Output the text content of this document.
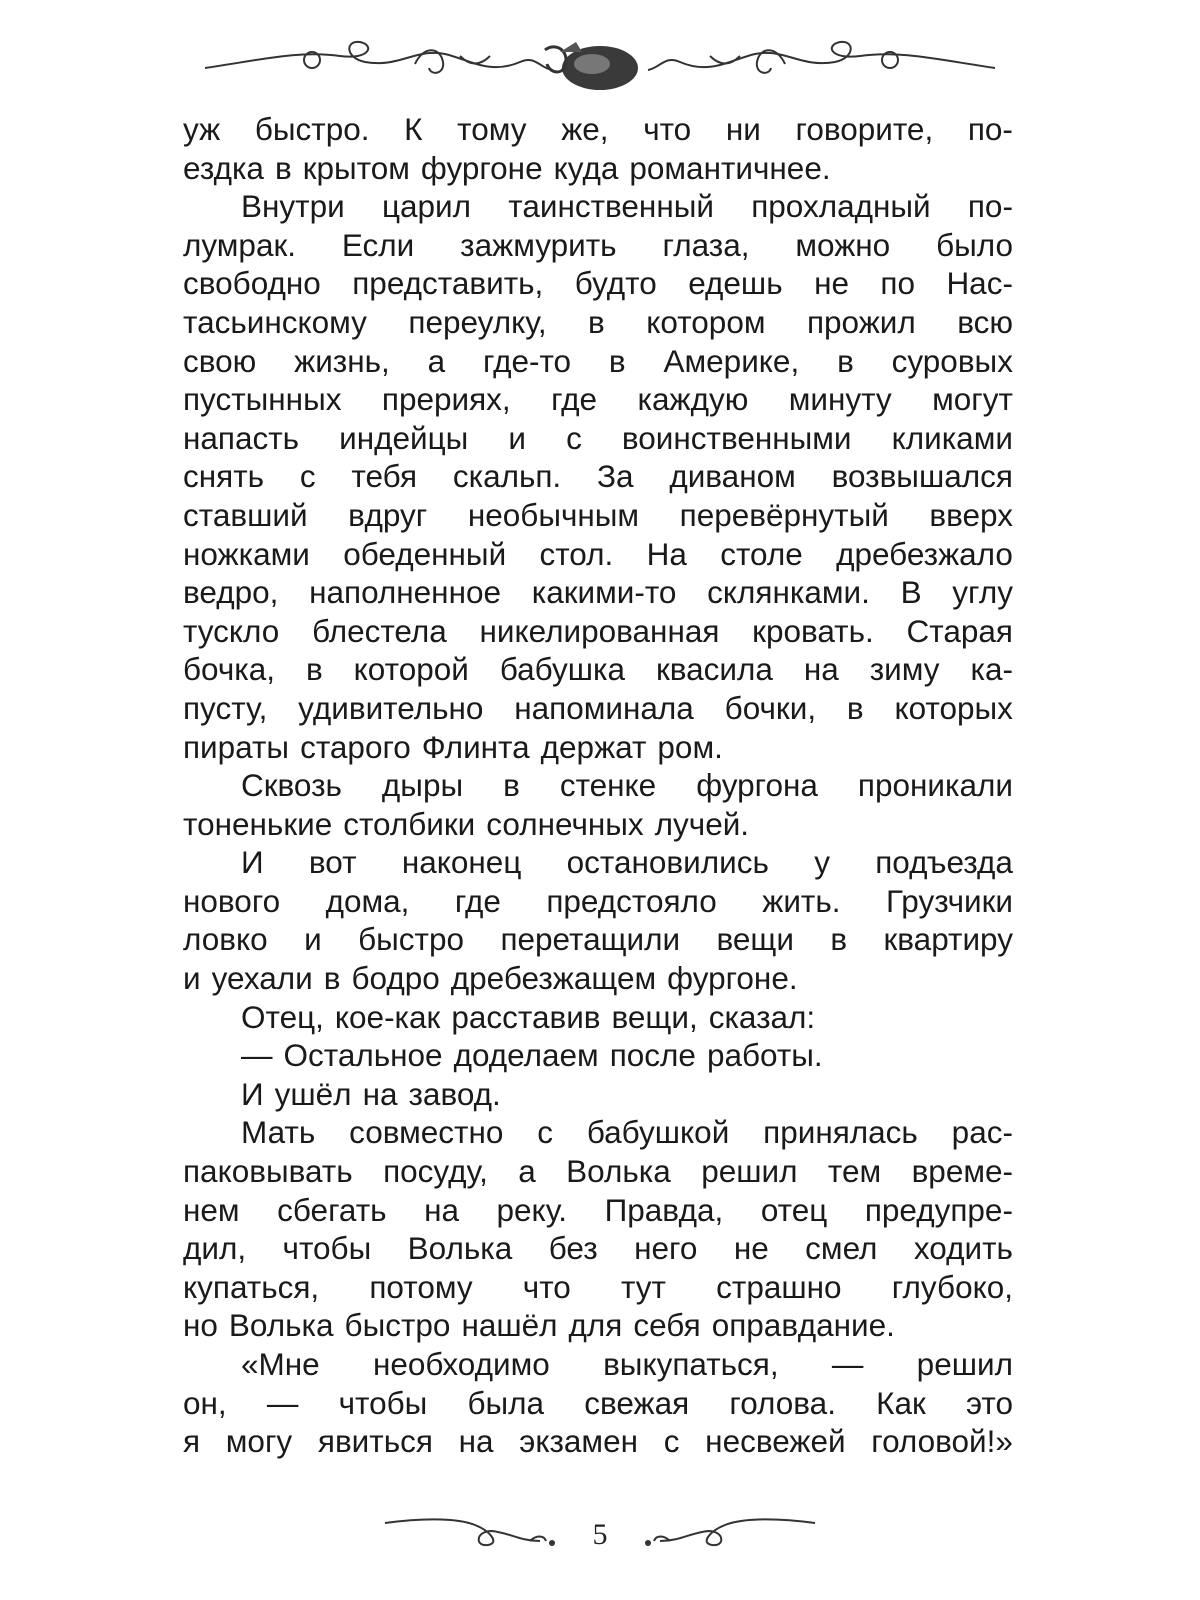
уж быстро. К тому же, что ни говорите, по-
ездка в крытом фургоне куда романтичнее.
Внутри царил таинственный прохладный по-
лумрак. Если зажмурить глаза, можно было
свободно представить, будто едешь не по Нас-
тасьинскому переулку, в котором прожил всю
свою жизнь, а где-то в Америке, в суровых
пустынных прериях, где каждую минуту могут
напасть индейцы и с воинственными кликами
снять с тебя скальп. За диваном возвышался
ставший вдруг необычным перевёрнутый вверх
ножками обеденный стол. На столе дребезжало
ведро, наполненное какими-то склянками. В углу
тускло блестела никелированная кровать. Старая
бочка, в которой бабушка квасила на зиму ка-
пусту, удивительно напоминала бочки, в которых
пираты старого Флинта держат ром.
Сквозь дыры в стенке фургона проникали
тоненькие столбики солнечных лучей.
И вот наконец остановились у подъезда
нового дома, где предстояло жить. Грузчики
ловко и быстро перетащили вещи в квартиру
и уехали в бодро дребезжащем фургоне.
Отец, кое-как расставив вещи, сказал:
— Остальное доделаем после работы.
И ушёл на завод.
Мать совместно с бабушкой принялась рас-
паковывать посуду, а Волька решил тем време-
нем сбегать на реку. Правда, отец предупре-
дил, чтобы Волька без него не смел ходить
купаться, потому что тут страшно глубоко,
но Волька быстро нашёл для себя оправдание.
«Мне необходимо выкупаться, — решил
он, — чтобы была свежая голова. Как это
я могу явиться на экзамен с несвежей головой!»
5
